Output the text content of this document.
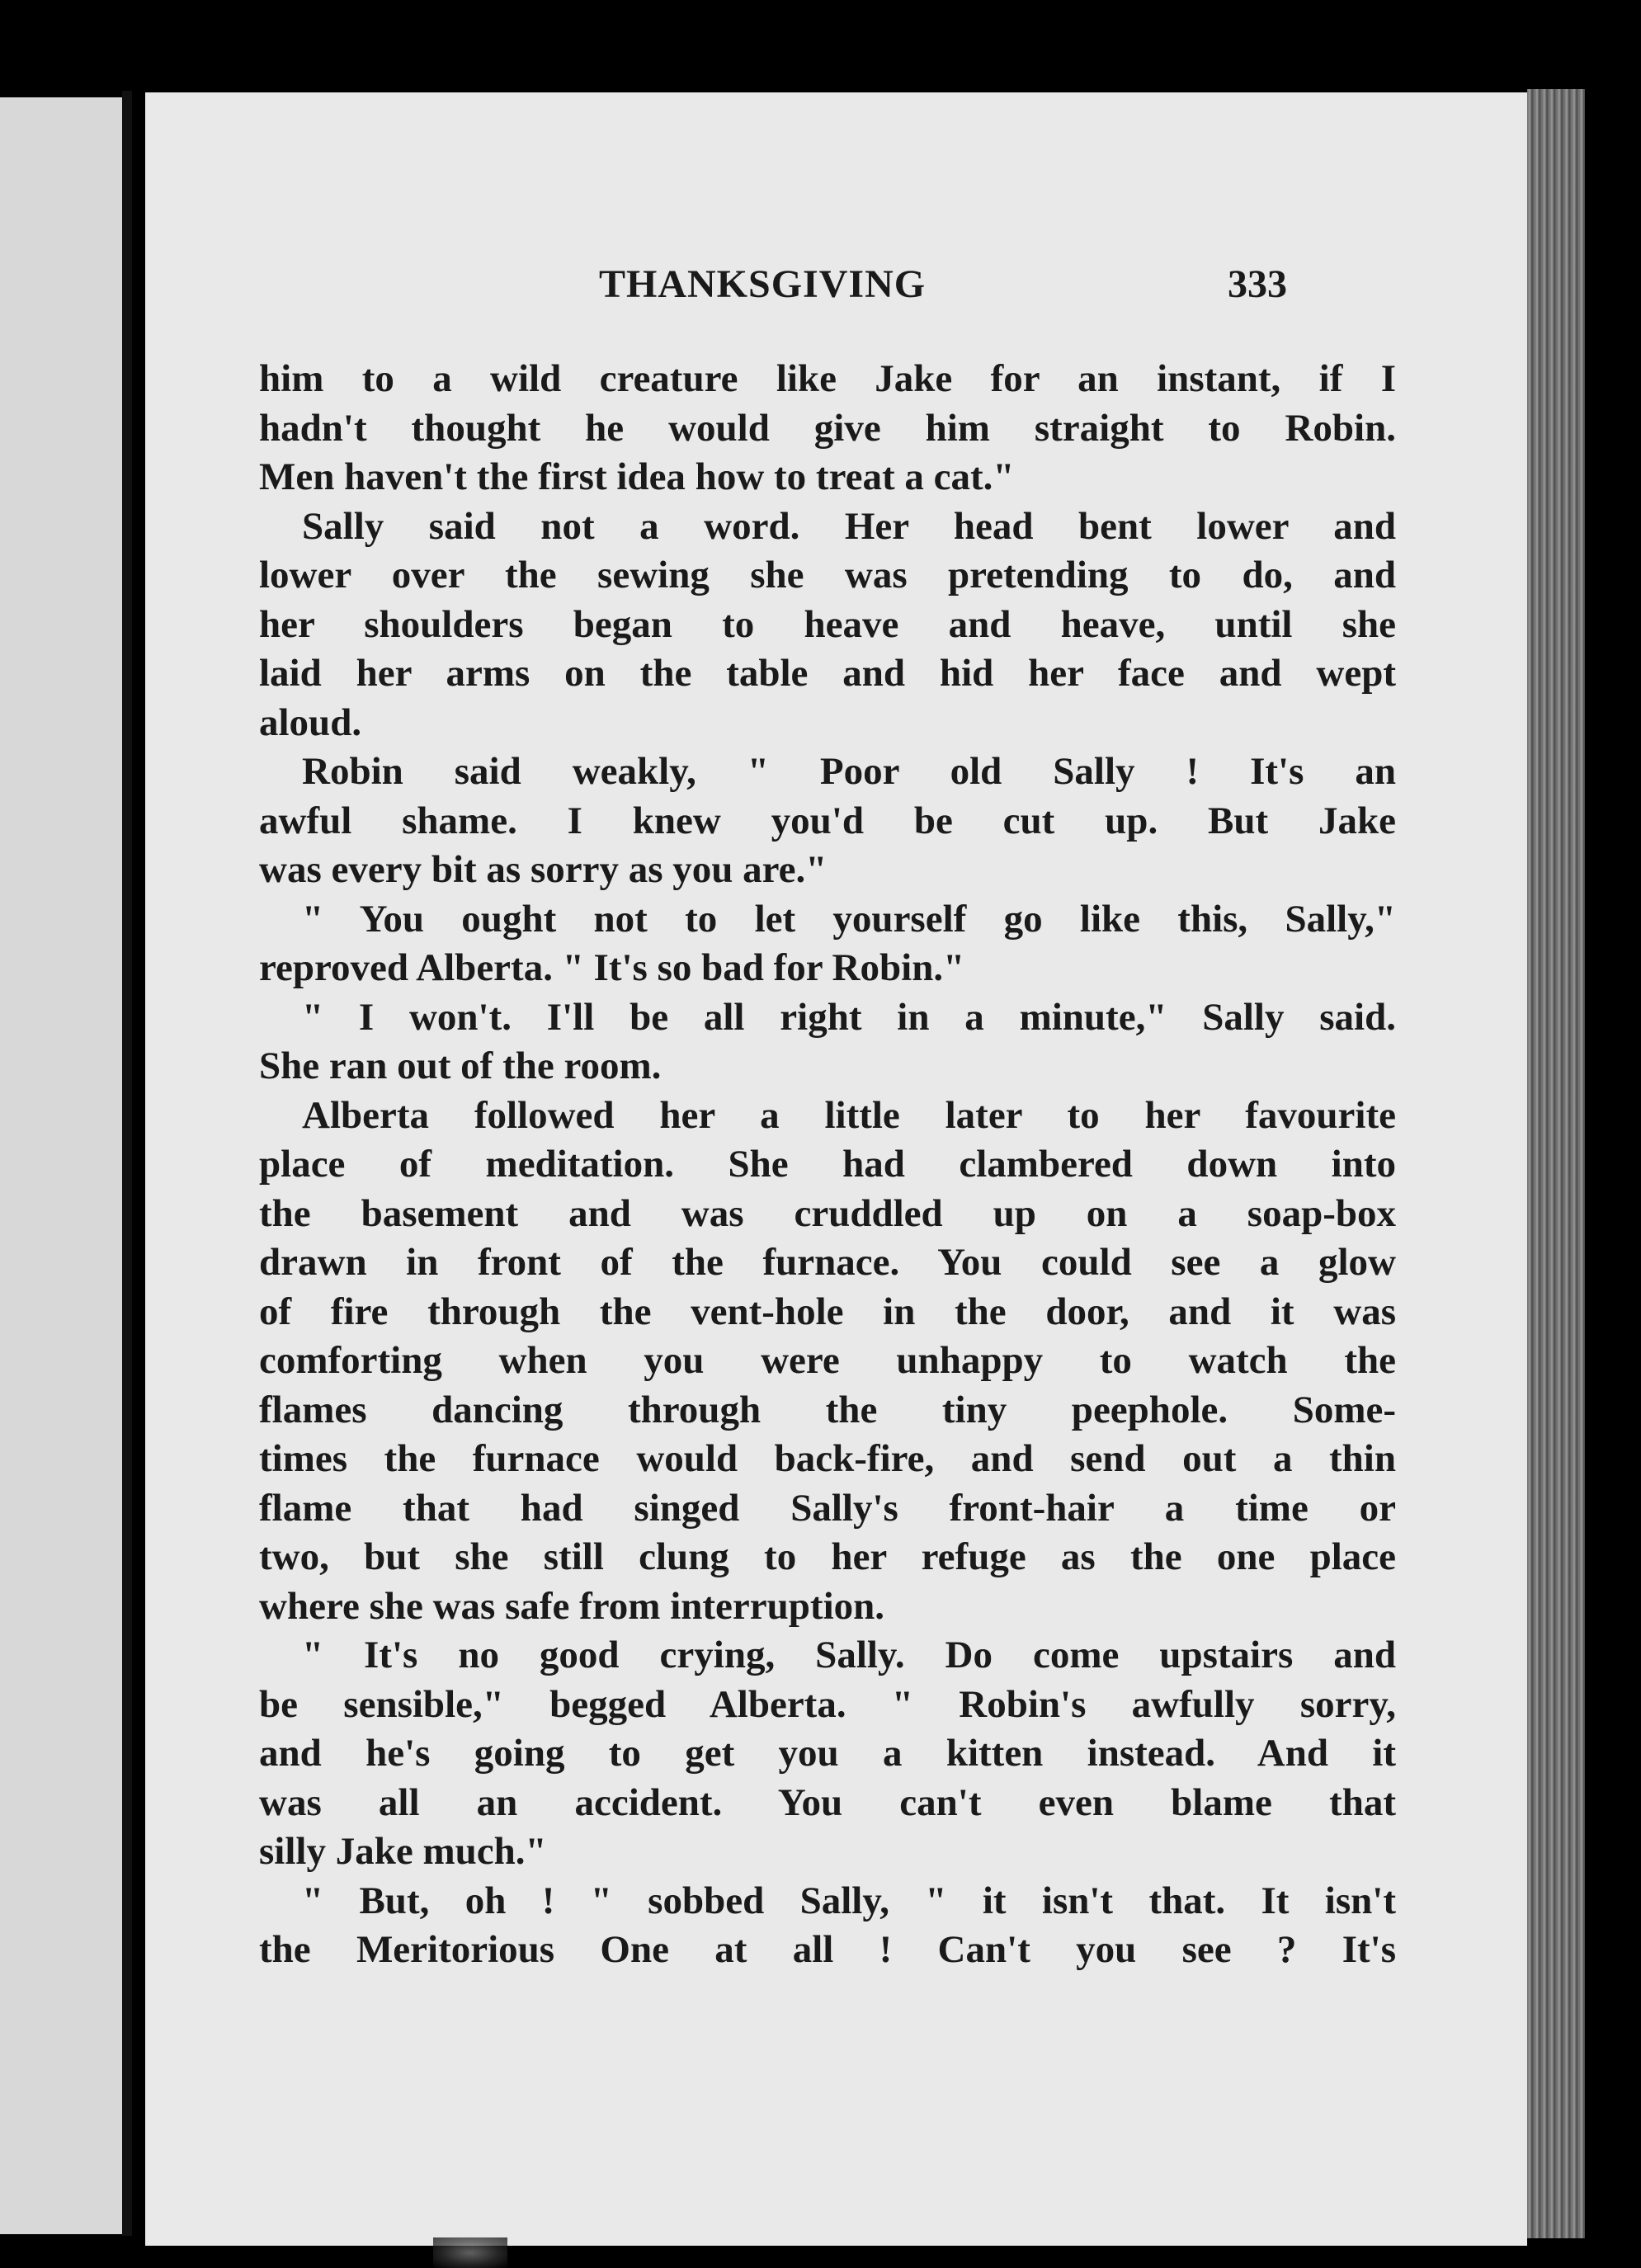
THANKSGIVING	333
him to a wild creature like Jake for an instant, if I
hadn't thought he would give him straight to Robin.
Men haven't the first idea how to treat a cat."
Sally said not a word. Her head bent lower and
lower over the sewing she was pretending to do, and
her shoulders began to heave and heave, until she
laid her arms on the table and hid her face and wept
aloud.
Robin said weakly, " Poor old Sally ! It's an
awful shame. I knew you'd be cut up. But Jake
was every bit as sorry as you are."
" You ought not to let yourself go like this, Sally,"
reproved Alberta. " It's so bad for Robin."
" I won't. I'll be all right in a minute," Sally said.
She ran out of the room.
Alberta followed her a little later to her favourite
place of meditation. She had clambered down into
the basement and was cruddled up on a soap-box
drawn in front of the furnace. You could see a glow
of fire through the vent-hole in the door, and it was
comforting when you were unhappy to watch the
flames dancing through the tiny peephole. Some-
times the furnace would back-fire, and send out a thin
flame that had singed Sally's front-hair a time or
two, but she still clung to her refuge as the one place
where she was safe from interruption.
" It's no good crying, Sally. Do come upstairs and
be sensible," begged Alberta. " Robin's awfully sorry,
and he's going to get you a kitten instead. And it
was all an accident. You can't even blame that
silly Jake much."
" But, oh ! " sobbed Sally, " it isn't that. It isn't
the Meritorious One at all ! Can't you see ? It's
